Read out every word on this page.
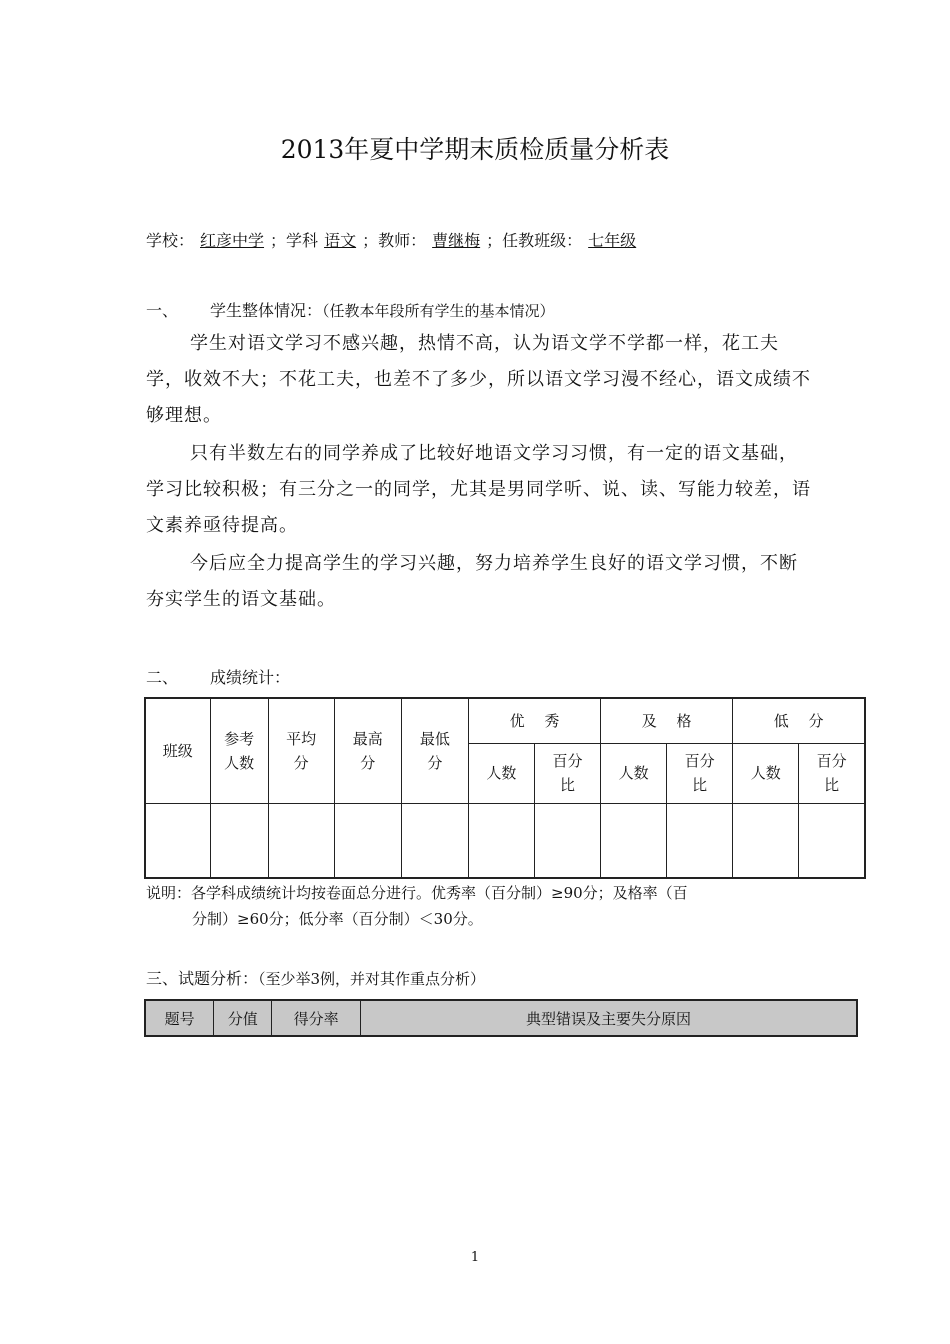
2013年夏中学期末质检质量分析表
学校： 红彦中学 ；学科 语文 ；教师： 曹继梅 ；任教班级： 七年级
一、 学生整体情况：（任教本年段所有学生的基本情况）
学生对语文学习不感兴趣，热情不高，认为语文学不学都一样，花工夫学，收效不大；不花工夫，也差不了多少，所以语文学习漫不经心，语文成绩不够理想。
只有半数左右的同学养成了比较好地语文学习习惯，有一定的语文基础，学习比较积极；有三分之一的同学，尤其是男同学听、说、读、写能力较差，语文素养亟待提高。
今后应全力提高学生的学习兴趣，努力培养学生良好的语文学习惯，不断夯实学生的语文基础。
二、 成绩统计：
班级	参考人数	平均分	最高分	最低分	优　 秀		及　 格		低　 分	
					人数	百分比	人数	百分比	人数	百分比

说明：各学科成绩统计均按卷面总分进行。优秀率（百分制）≥90分；及格率（百
分制）≥60分；低分率（百分制）＜30分。
三、试题分析：（至少举3例，并对其作重点分析）
题号	分值	得分率	典型错误及主要失分原因
1
